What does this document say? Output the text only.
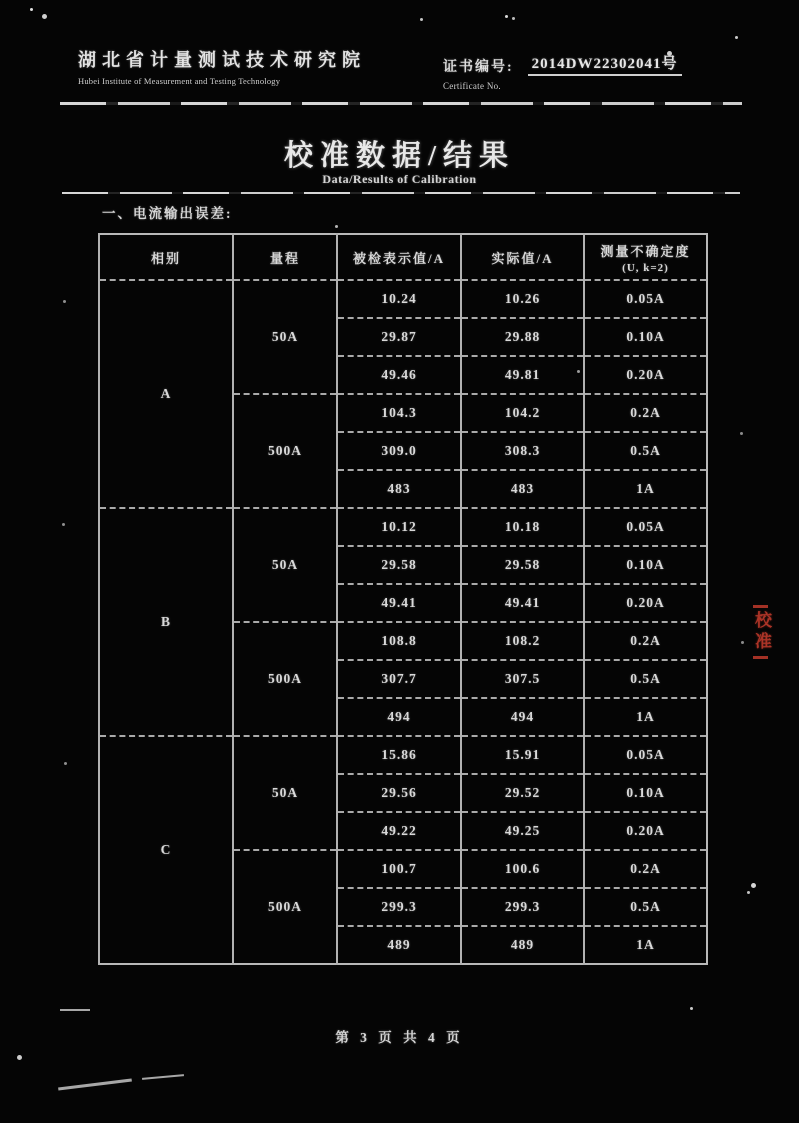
湖北省计量测试技术研究院
Hubei Institute of Measurement and Testing Technology
证书编号: 2014DW22302041号
Certificate No.
校准数据/结果
Data/Results of Calibration
一、电流输出误差:
相别	量程	被检表示值/A	实际值/A	测量不确定度
(U, k=2)

A	50A	10.24	10.26	0.05A
		29.87	29.88	0.10A
		49.46	49.81	0.20A
	500A	104.3	104.2	0.2A
		309.0	308.3	0.5A
		483	483	1A
B	50A	10.12	10.18	0.05A
		29.58	29.58	0.10A
		49.41	49.41	0.20A
	500A	108.8	108.2	0.2A
		307.7	307.5	0.5A
		494	494	1A
C	50A	15.86	15.91	0.05A
		29.56	29.52	0.10A
		49.22	49.25	0.20A
	500A	100.7	100.6	0.2A
		299.3	299.3	0.5A
		489	489	1A
校准
第 3 页 共 4 页
